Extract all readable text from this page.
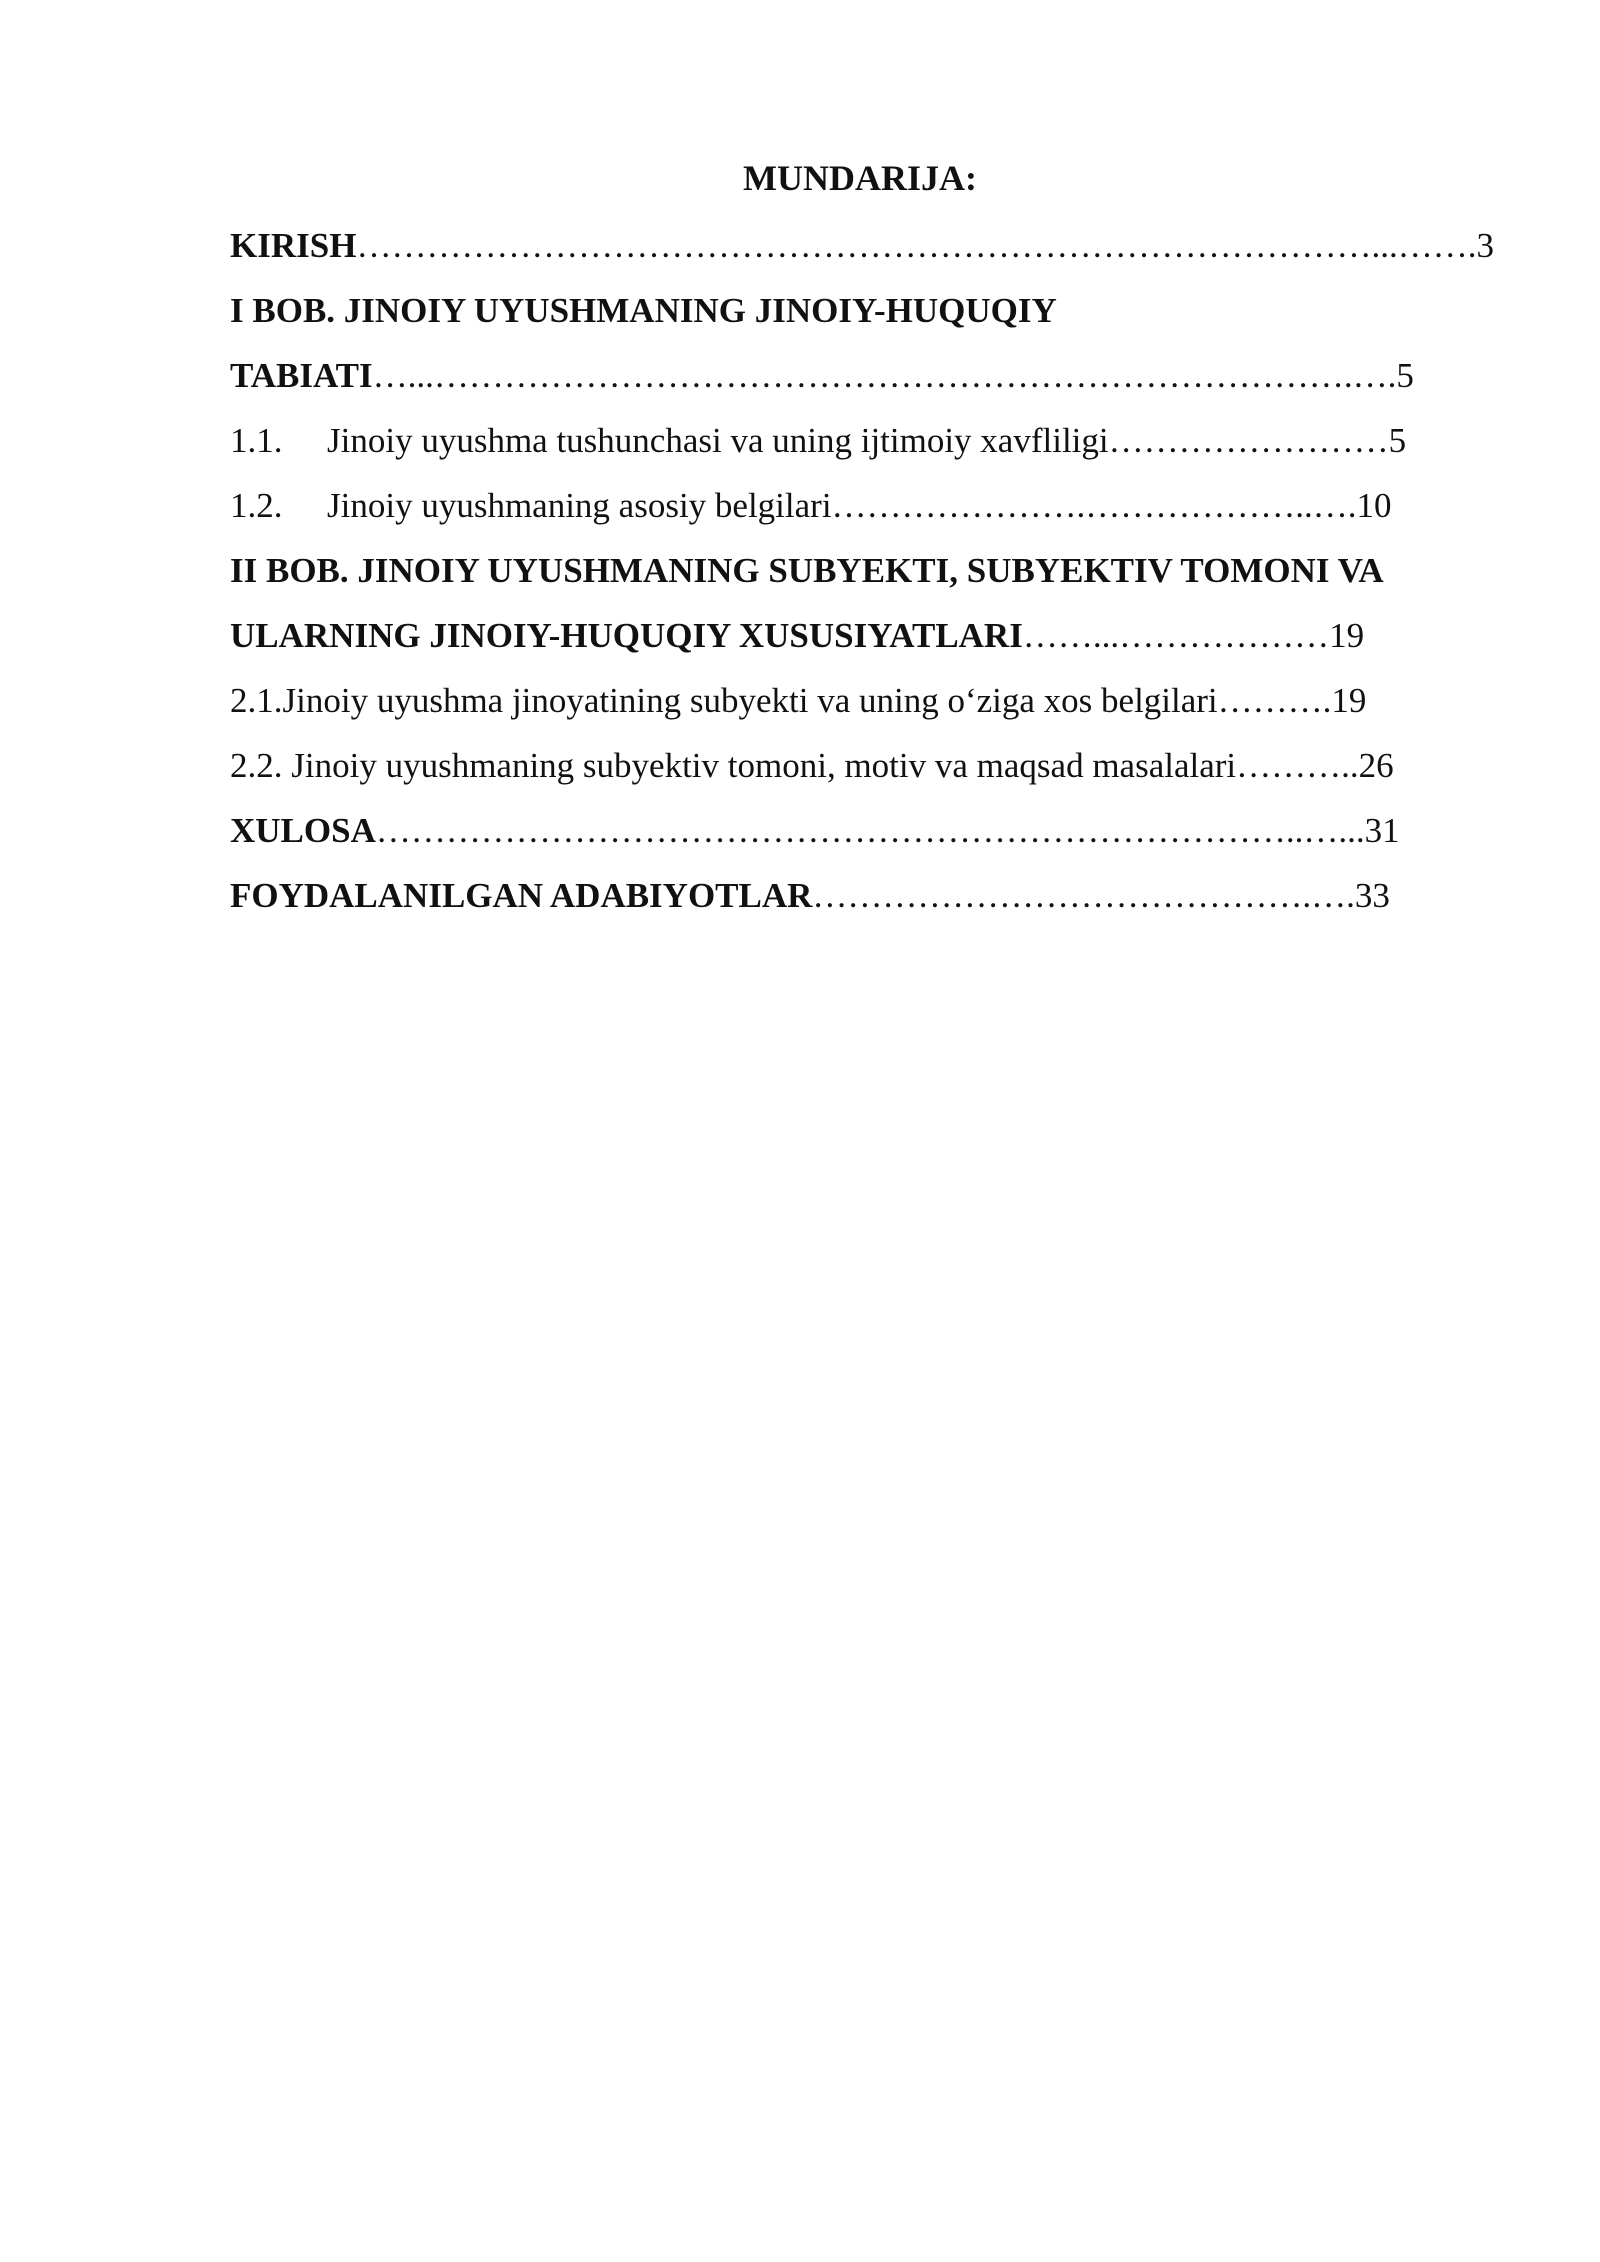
MUNDARIJA:
KIRISH……………………………………………………………………………...…….3
I BOB. JINOIY UYUSHMANING JINOIY-HUQUQIY
TABIATI…...…………………………………………………………………….….5
1.1. Jinoiy uyushma tushunchasi va uning ijtimoiy xavfliligi……………………5
1.2. Jinoiy uyushmaning asosiy belgilari………………….………………..….10
II BOB. JINOIY UYUSHMANING SUBYEKTI, SUBYEKTIV TOMONI VA
ULARNING JINOIY-HUQUQIY XUSUSIYATLARI……...………………19
2.1.Jinoiy uyushma jinoyatining subyekti va uning o‘ziga xos belgilari……….19
2.2. Jinoiy uyushmaning subyektiv tomoni, motiv va maqsad masalalari………..26
XULOSA……………………………………………………………………..…...31
FOYDALANILGAN ADABIYOTLAR…………………………………….….33
